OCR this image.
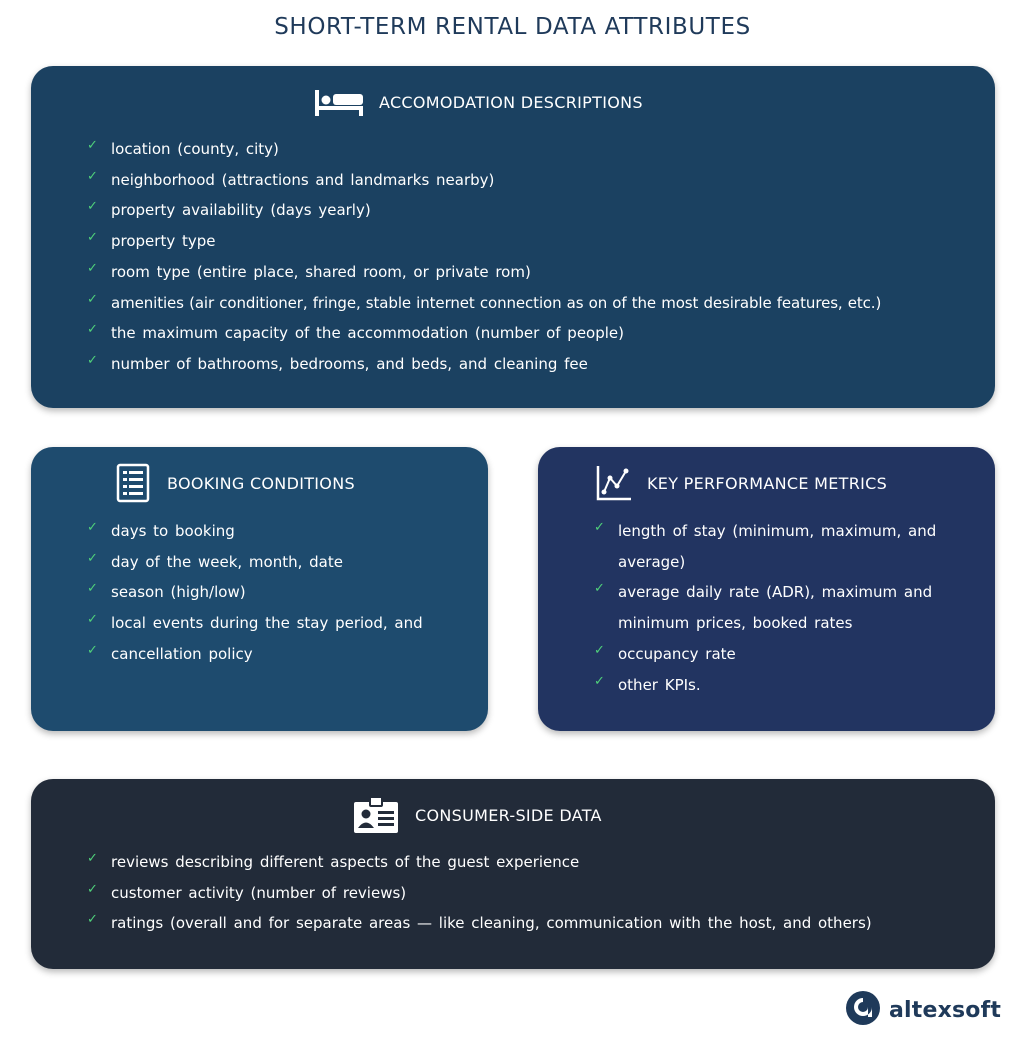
SHORT-TERM RENTAL DATA ATTRIBUTES
ACCOMODATION DESCRIPTIONS
✓ location (county, city)
✓ neighborhood (attractions and landmarks nearby)
✓ property availability (days yearly)
✓ property type
✓ room type (entire place, shared room, or private rom)
✓ amenities (air conditioner, fringe, stable internet connection as on of the most desirable features, etc.)
✓ the maximum capacity of the accommodation (number of people)
✓ number of bathrooms, bedrooms, and beds, and cleaning fee
BOOKING CONDITIONS
✓ days to booking
✓ day of the week, month, date
✓ season (high/low)
✓ local events during the stay period, and
✓ cancellation policy
KEY PERFORMANCE METRICS
✓ length of stay (minimum, maximum, and average)
✓ average daily rate (ADR), maximum and minimum prices, booked rates
✓ occupancy rate
✓ other KPIs.
CONSUMER-SIDE DATA
✓ reviews describing different aspects of the guest experience
✓ customer activity (number of reviews)
✓ ratings (overall and for separate areas — like cleaning, communication with the host, and others)
altexsoft
